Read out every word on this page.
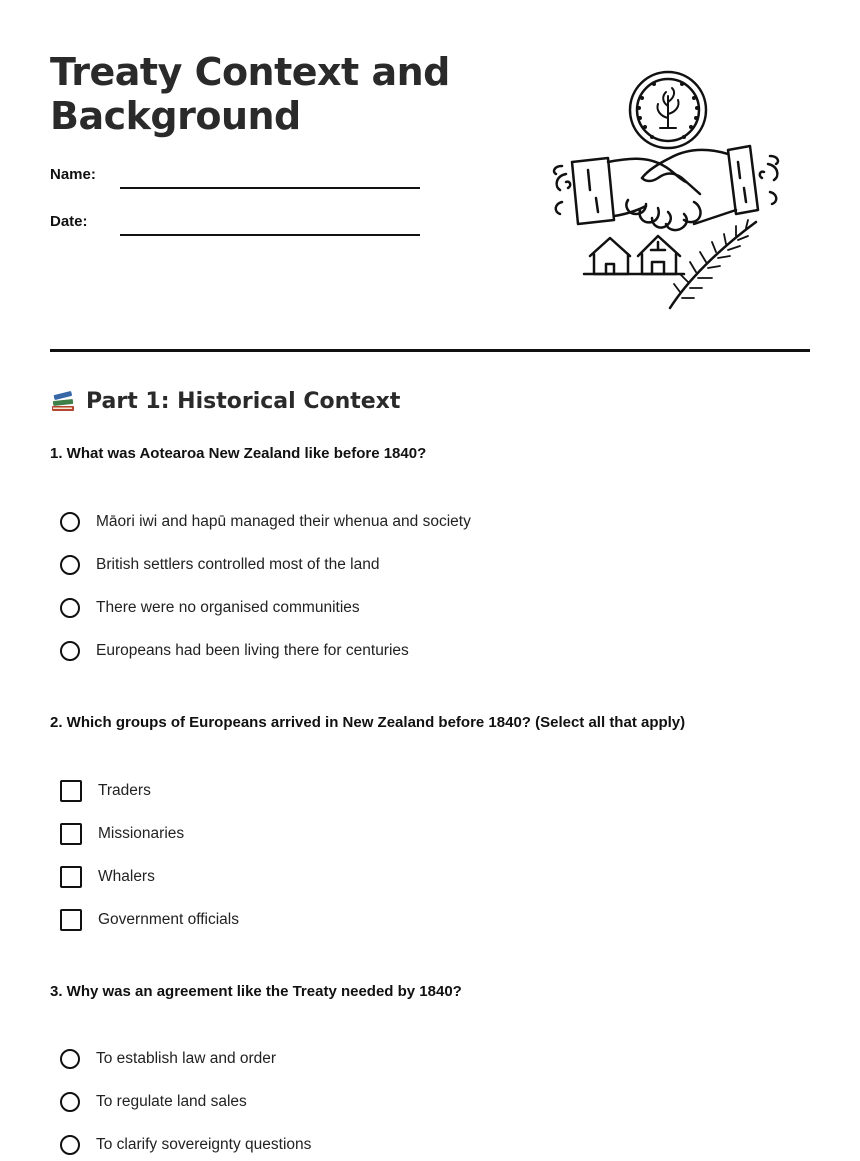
Treaty Context and Background
Name:
Date:
Part 1: Historical Context
1. What was Aotearoa New Zealand like before 1840?
Māori iwi and hapū managed their whenua and society
British settlers controlled most of the land
There were no organised communities
Europeans had been living there for centuries
2. Which groups of Europeans arrived in New Zealand before 1840? (Select all that apply)
Traders
Missionaries
Whalers
Government officials
3. Why was an agreement like the Treaty needed by 1840?
To establish law and order
To regulate land sales
To clarify sovereignty questions
